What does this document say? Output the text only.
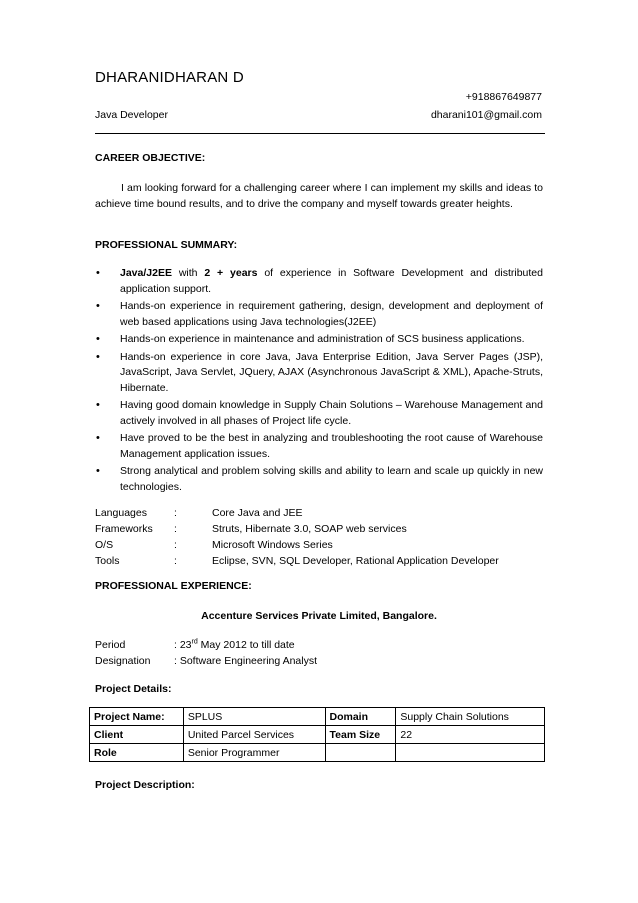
DHARANIDHARAN D
+918867649877
Java Developer	dharani101@gmail.com
CAREER OBJECTIVE:
I am looking forward for a challenging career where I can implement my skills and ideas to achieve time bound results, and to drive the company and myself towards greater heights.
PROFESSIONAL SUMMARY:
• Java/J2EE with 2 + years of experience in Software Development and distributed application support.
• Hands-on experience in requirement gathering, design, development and deployment of web based applications using Java technologies(J2EE)
• Hands-on experience in maintenance and administration of SCS business applications.
• Hands-on experience in core Java, Java Enterprise Edition, Java Server Pages (JSP), JavaScript, Java Servlet, JQuery, AJAX (Asynchronous JavaScript & XML), Apache-Struts, Hibernate.
• Having good domain knowledge in Supply Chain Solutions – Warehouse Management and actively involved in all phases of Project life cycle.
• Have proved to be the best in analyzing and troubleshooting the root cause of Warehouse Management application issues.
• Strong analytical and problem solving skills and ability to learn and scale up quickly in new technologies.
Languages	:	Core Java and JEE
Frameworks :	Struts, Hibernate 3.0, SOAP web services
O/S	:	Microsoft Windows Series
Tools	:	Eclipse, SVN, SQL Developer, Rational Application Developer
PROFESSIONAL EXPERIENCE:
Accenture Services Private Limited, Bangalore.
Period	: 23rd May 2012 to till date
Designation : Software Engineering Analyst
Project Details:
Project Name:	SPLUS	Domain	Supply Chain Solutions
Client	United Parcel Services	Team Size	22
Role	Senior Programmer		
Project Description:
